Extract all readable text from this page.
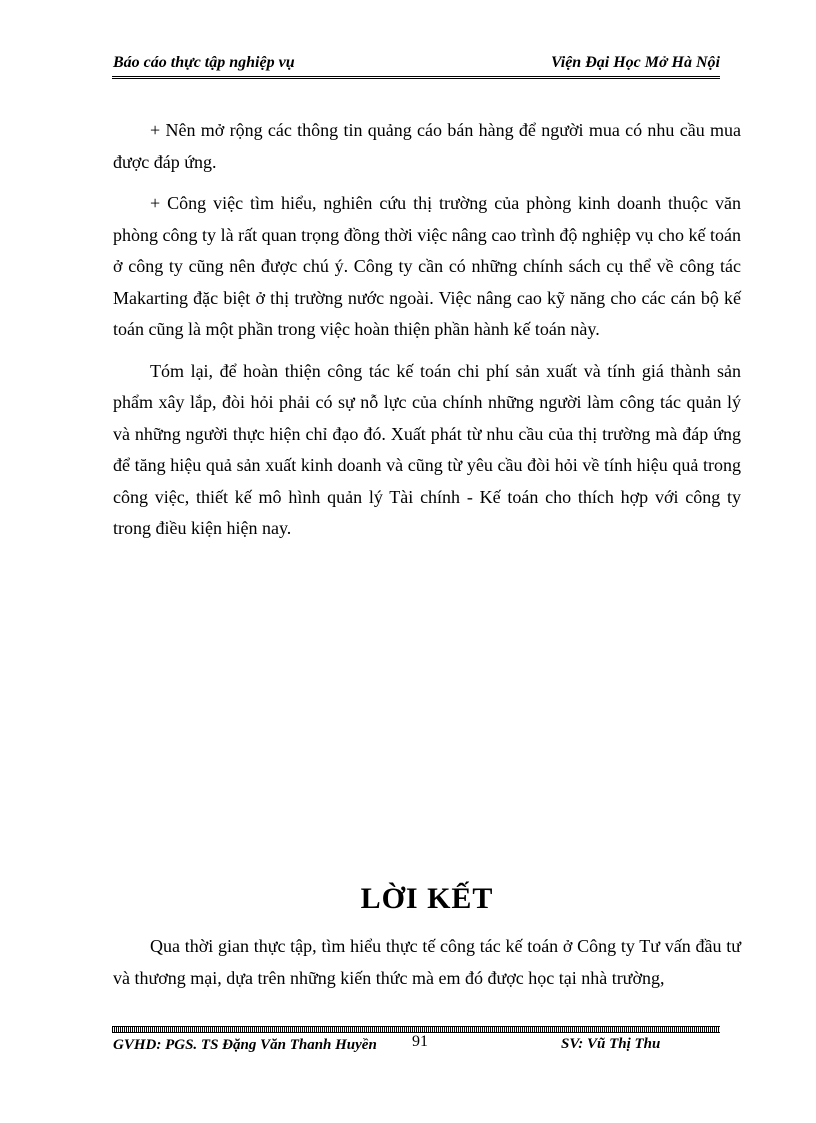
Báo cáo thực tập nghiệp vụ	Viện Đại Học Mở Hà Nội

+ Nên mở rộng các thông tin quảng cáo bán hàng để người mua có nhu cầu mua được đáp ứng.

+ Công việc tìm hiểu, nghiên cứu thị trường của phòng kinh doanh thuộc văn phòng công ty là rất quan trọng đồng thời việc nâng cao trình độ nghiệp vụ cho kế toán ở công ty cũng nên được chú ý. Công ty cần có những chính sách cụ thể về công tác Makarting đặc biệt ở thị trường nước ngoài. Việc nâng cao kỹ năng cho các cán bộ kế toán cũng là một phần trong việc hoàn thiện phần hành kế toán này.

Tóm lại, để hoàn thiện công tác kế toán chi phí sản xuất và tính giá thành sản phẩm xây lắp, đòi hỏi phải có sự nỗ lực của chính những người làm công tác quản lý và những người thực hiện chỉ đạo đó. Xuất phát từ nhu cầu của thị trường mà đáp ứng để tăng hiệu quả sản xuất kinh doanh và cũng từ yêu cầu đòi hỏi về tính hiệu quả trong công việc, thiết kế mô hình quản lý Tài chính - Kế toán cho thích hợp với công ty trong điều kiện hiện nay.

LỜI KẾT

Qua thời gian thực tập, tìm hiểu thực tế công tác kế toán ở Công ty Tư vấn đầu tư và thương mại, dựa trên những kiến thức mà em đó được học tại nhà trường,

GVHD: PGS. TS Đặng Văn Thanh Huyền	91	SV: Vũ Thị Thu
